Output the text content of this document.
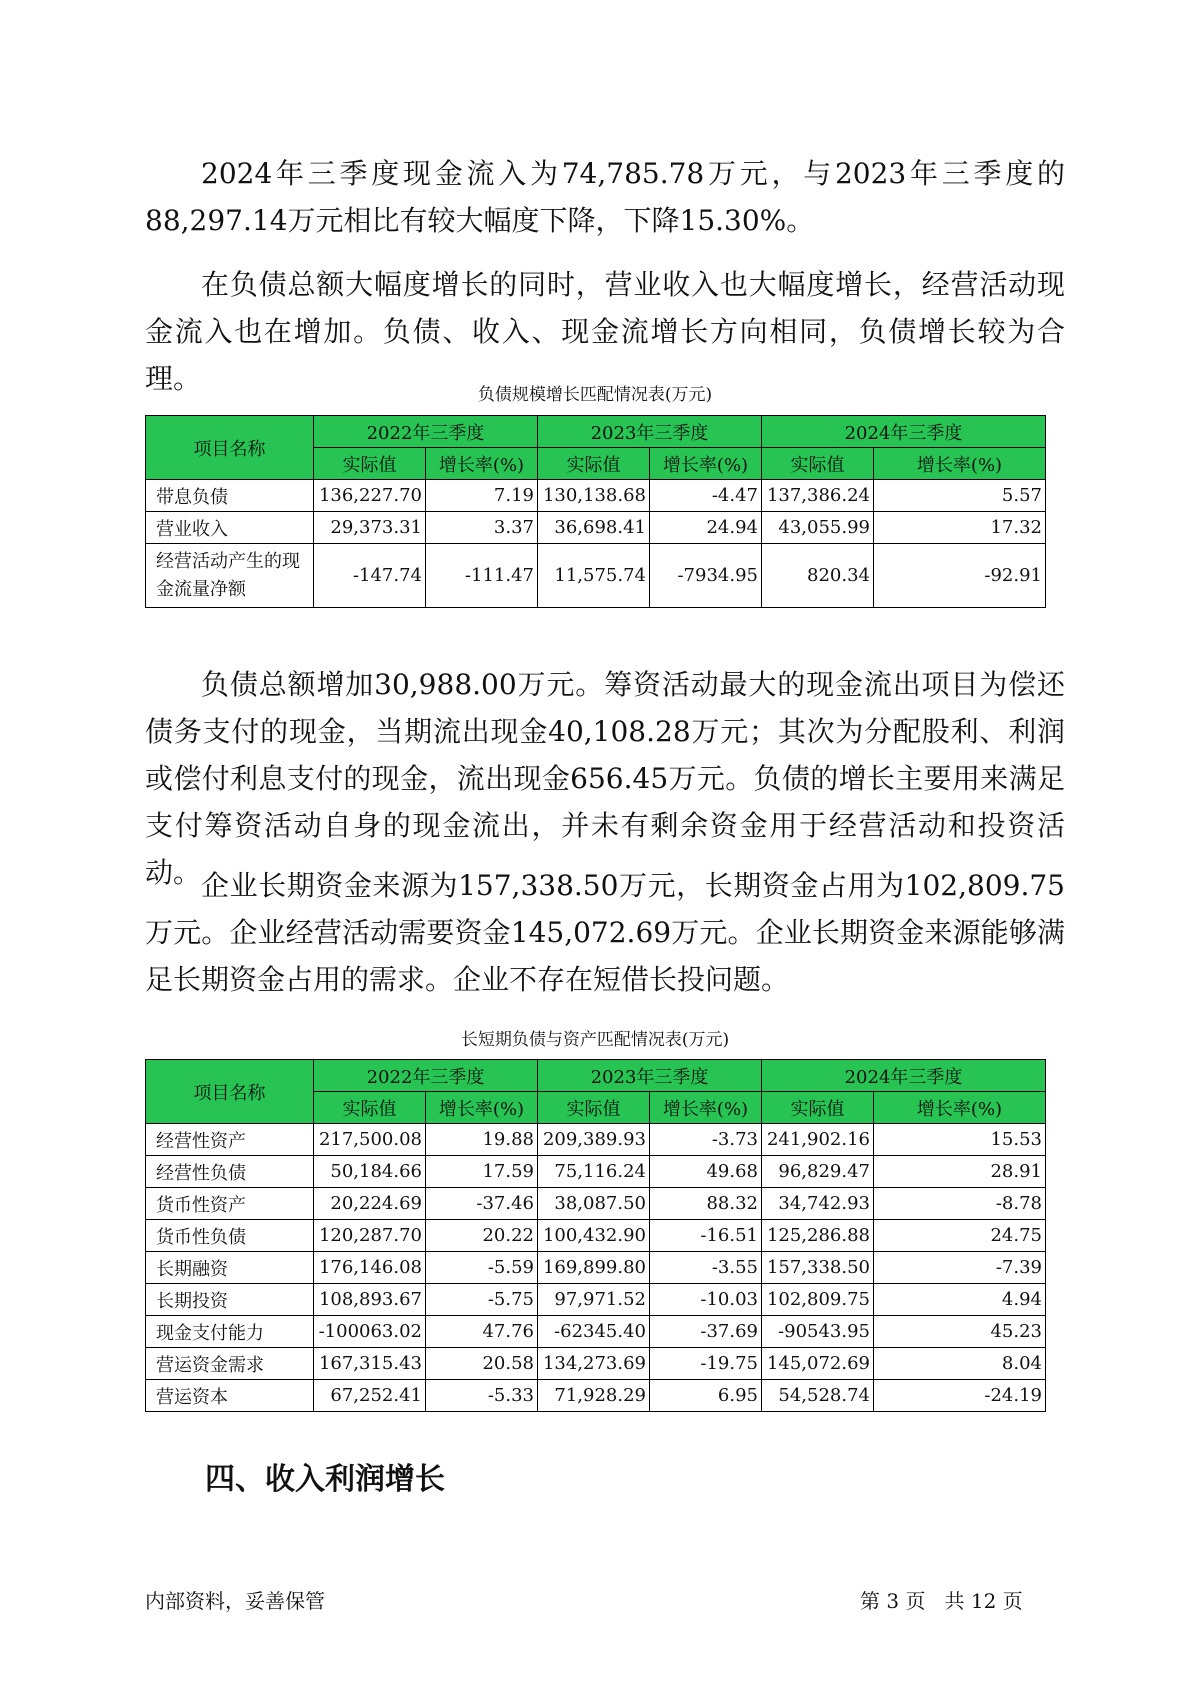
2024年三季度现金流入为74,785.78万元，与2023年三季度的88,297.14万元相比有较大幅度下降，下降15.30%。

在负债总额大幅度增长的同时，营业收入也大幅度增长，经营活动现金流入也在增加。负债、收入、现金流增长方向相同，负债增长较为合理。	负债规模增长匹配情况表(万元)
项目名称	2022年三季度		2023年三季度		2024年三季度	
	实际值	增长率(%)	实际值	增长率(%)	实际值	增长率(%)
带息负债	136,227.70	7.19	130,138.68	-4.47	137,386.24	5.57
营业收入	29,373.31	3.37	36,698.41	24.94	43,055.99	17.32
经营活动产生的现金流量净额	-147.74	-111.47	11,575.74	-7934.95	820.34	-92.91

负债总额增加30,988.00万元。筹资活动最大的现金流出项目为偿还债务支付的现金，当期流出现金40,108.28万元；其次为分配股利、利润或偿付利息支付的现金，流出现金656.45万元。负债的增长主要用来满足支付筹资活动自身的现金流出，并未有剩余资金用于经营活动和投资活动。 企业长期资金来源为157,338.50万元，长期资金占用为102,809.75万元。企业经营活动需要资金145,072.69万元。企业长期资金来源能够满足长期资金占用的需求。企业不存在短借长投问题。

长短期负债与资产匹配情况表(万元)
项目名称	2022年三季度		2023年三季度		2024年三季度	
	实际值	增长率(%)	实际值	增长率(%)	实际值	增长率(%)
经营性资产	217,500.08	19.88	209,389.93	-3.73	241,902.16	15.53
经营性负债	50,184.66	17.59	75,116.24	49.68	96,829.47	28.91
货币性资产	20,224.69	-37.46	38,087.50	88.32	34,742.93	-8.78
货币性负债	120,287.70	20.22	100,432.90	-16.51	125,286.88	24.75
长期融资	176,146.08	-5.59	169,899.80	-3.55	157,338.50	-7.39
长期投资	108,893.67	-5.75	97,971.52	-10.03	102,809.75	4.94
现金支付能力	-100063.02	47.76	-62345.40	-37.69	-90543.95	45.23
营运资金需求	167,315.43	20.58	134,273.69	-19.75	145,072.69	8.04
营运资本	67,252.41	-5.33	71,928.29	6.95	54,528.74	-24.19
四、收入利润增长
内部资料，妥善保管	第 3 页 共 12 页
